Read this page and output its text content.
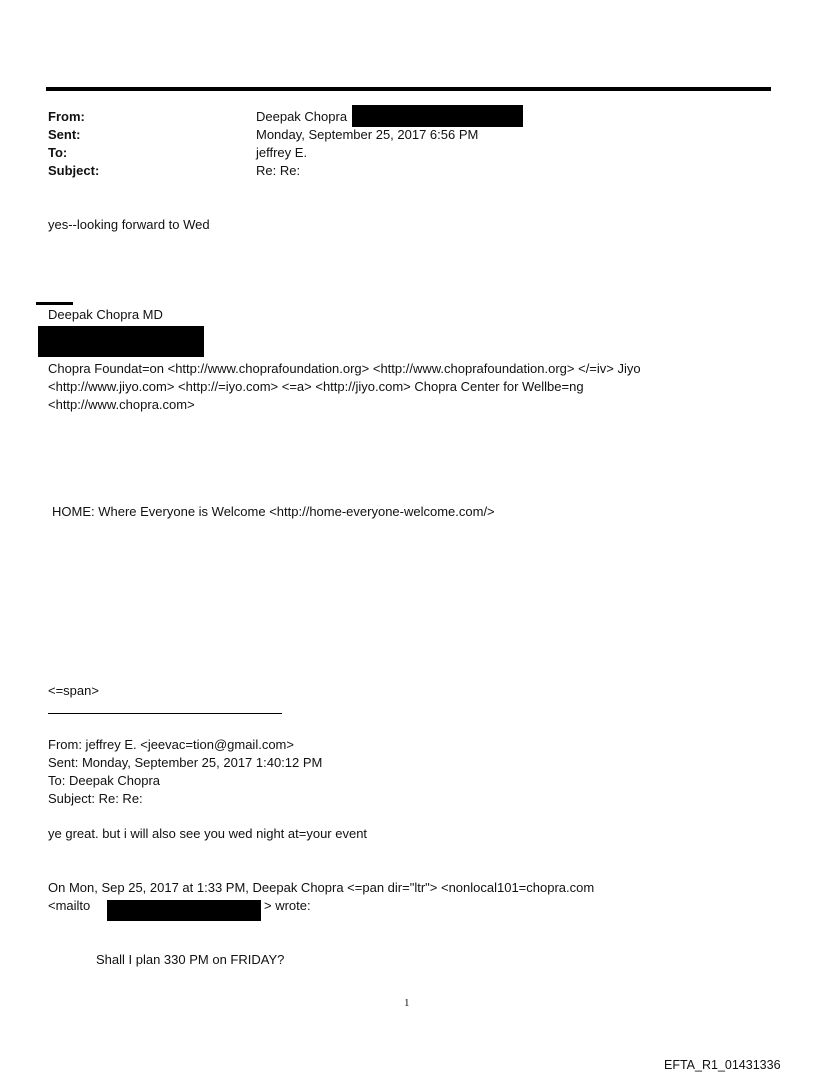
From:
Sent:
To:
Subject:
Deepak Chopra
Monday, September 25, 2017 6:56 PM
jeffrey E.
Re: Re:
yes--looking forward to Wed
Deepak Chopra MD
Chopra Foundat=on <http://www.choprafoundation.org> <http://www.choprafoundation.org> </=iv> Jiyo
<http://www.jiyo.com> <http://=iyo.com> <=a> <http://jiyo.com> Chopra Center for Wellbe=ng
<http://www.chopra.com>
HOME: Where Everyone is Welcome <http://home-everyone-welcome.com/>
<=span>
From: jeffrey E. <jeevac=tion@gmail.com>
Sent: Monday, September 25, 2017 1:40:12 PM
To: Deepak Chopra
Subject: Re: Re:
ye great. but i will also see you wed night at=your event
On Mon, Sep 25, 2017 at 1:33 PM, Deepak Chopra <=pan dir="ltr"> <nonlocal101=chopra.com
<mailto	> wrote:
Shall I plan 330 PM on FRIDAY?
1
EFTA_R1_01431336
